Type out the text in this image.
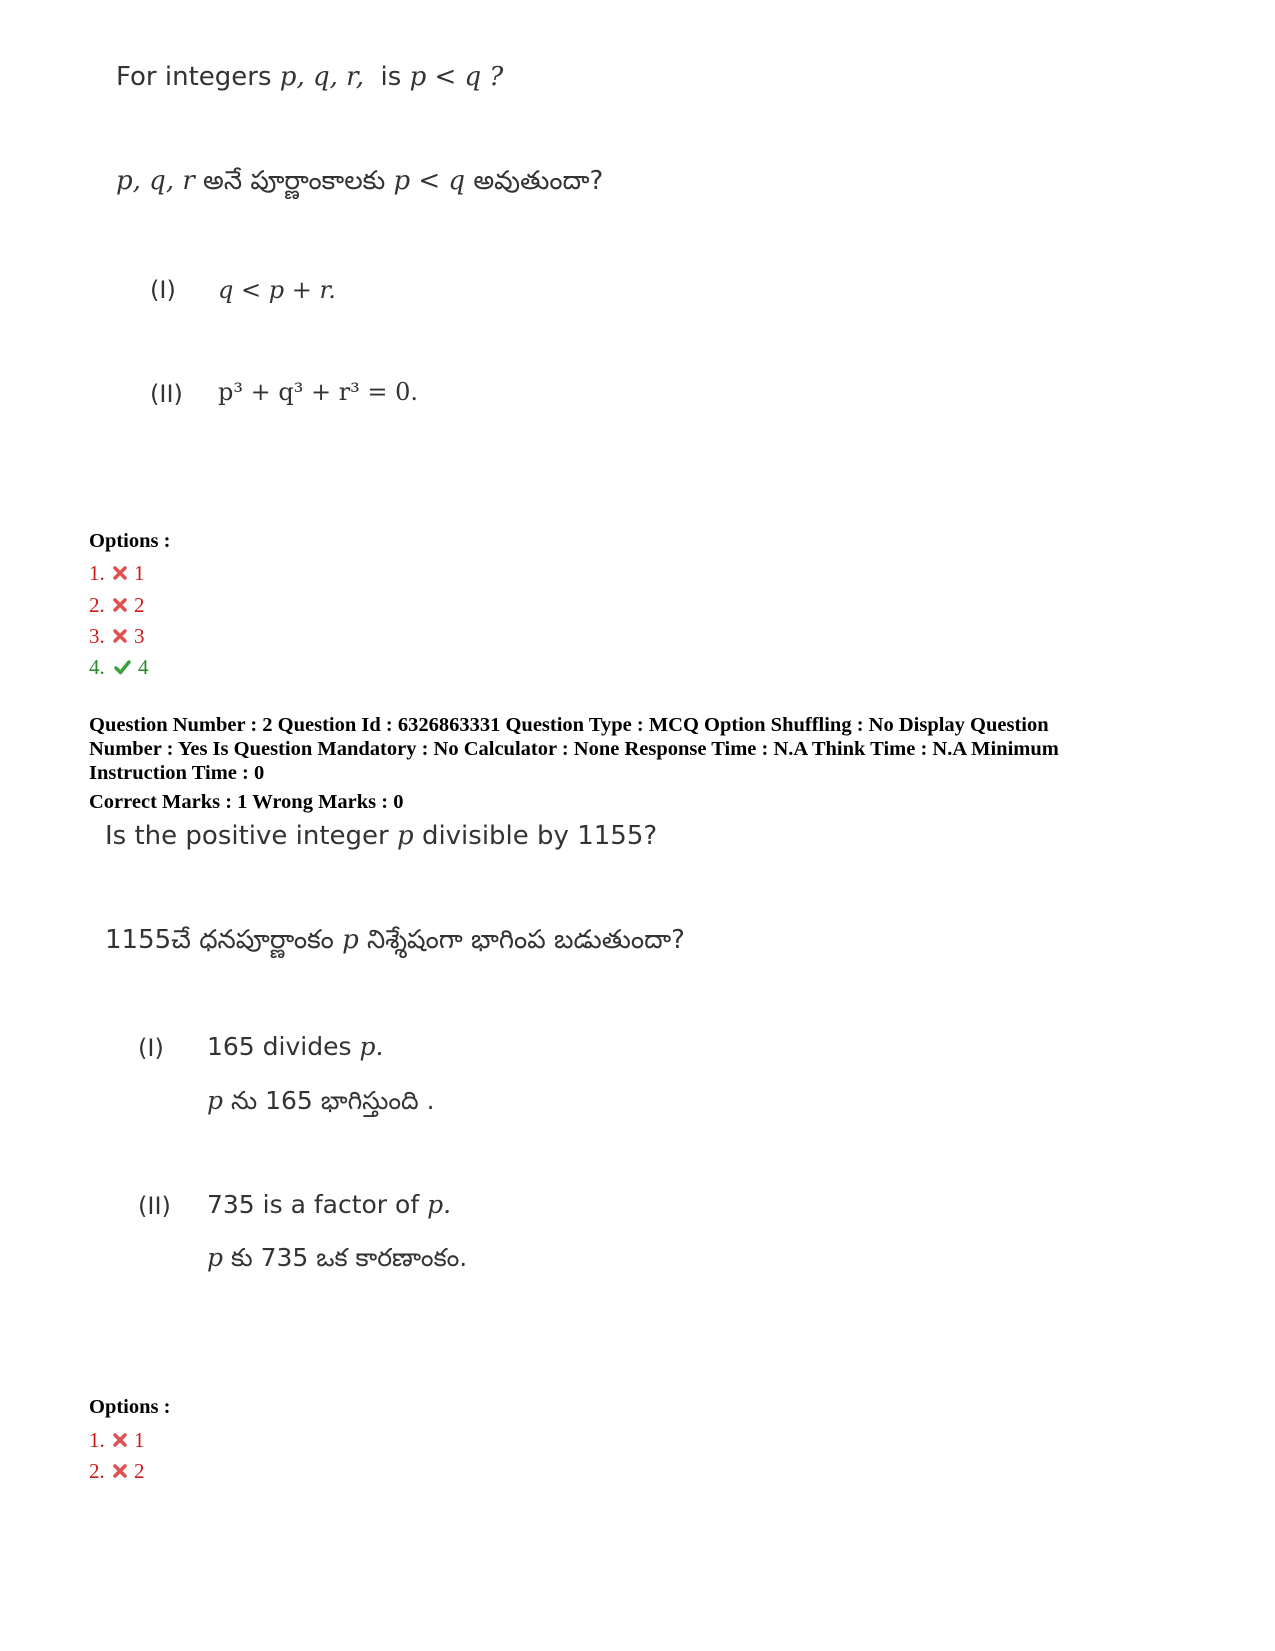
For integers p, q, r, is p < q ?
p, q, r అనే పూర్ణాంకాలకు p < q అవుతుందా?
(I) q < p + r.
(II) p³ + q³ + r³ = 0.
Options :
1. 1
2. 2
3. 3
4. 4
Question Number : 2 Question Id : 6326863331 Question Type : MCQ Option Shuffling : No Display Question
Number : Yes Is Question Mandatory : No Calculator : None Response Time : N.A Think Time : N.A Minimum
Instruction Time : 0
Correct Marks : 1 Wrong Marks : 0
Is the positive integer p divisible by 1155?
1155చే ధనపూర్ణాంకం p నిశ్శేషంగా భాగింప బడుతుందా?
(I) 165 divides p.
p ను 165 భాగిస్తుంది .
(II) 735 is a factor of p.
p కు 735 ఒక కారణాంకం.
Options :
1. 1
2. 2
